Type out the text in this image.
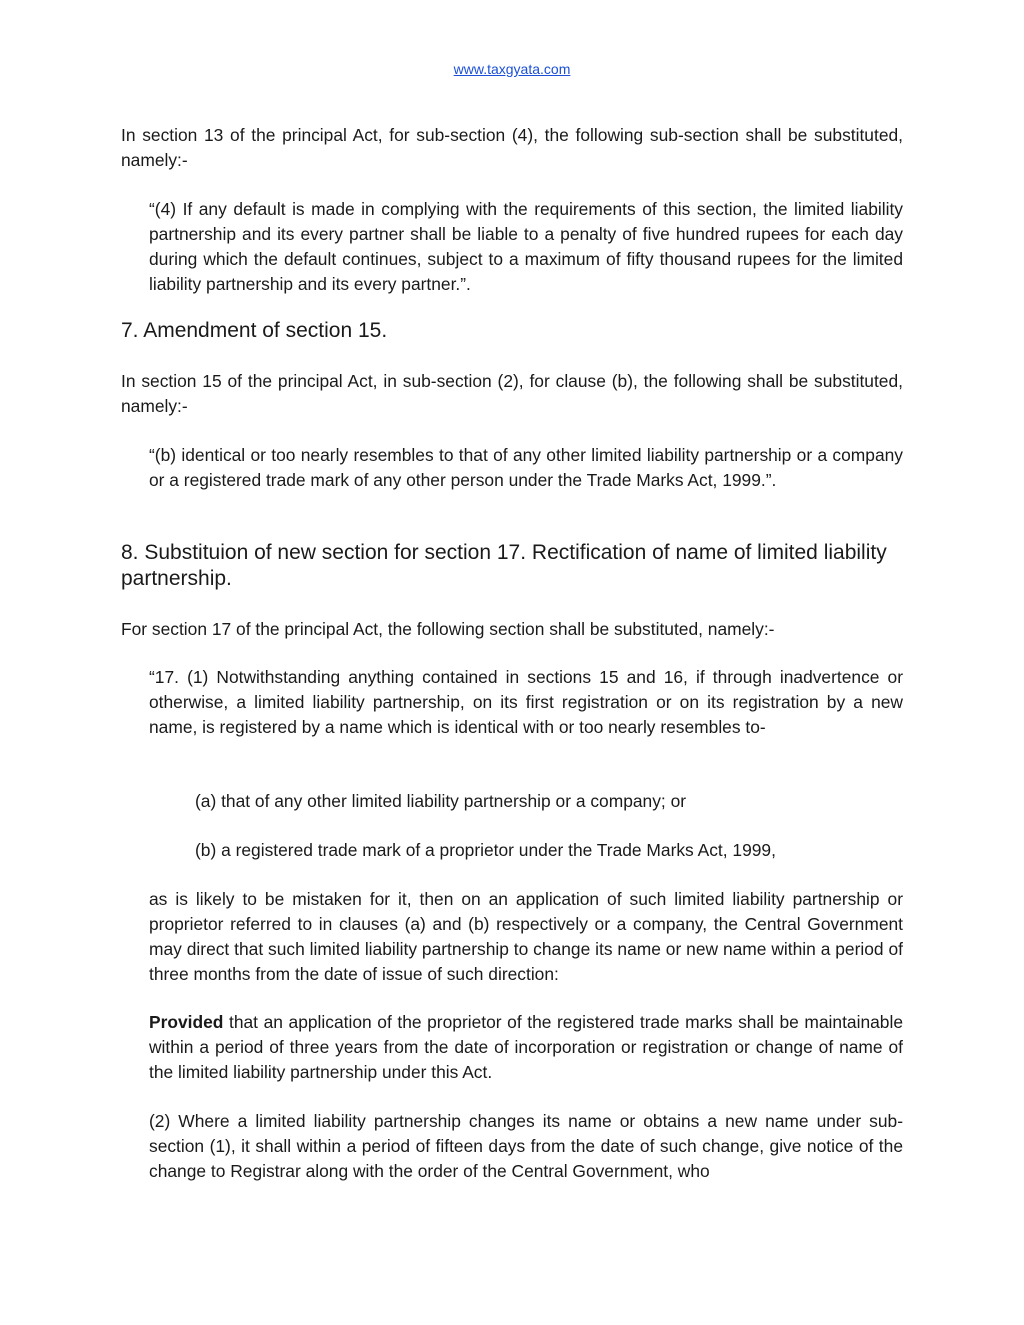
www.taxgyata.com

In section 13 of the principal Act, for sub-section (4), the following sub-section shall be substituted, namely:-

“(4) If any default is made in complying with the requirements of this section, the limited liability partnership and its every partner shall be liable to a penalty of five hundred rupees for each day during which the default continues, subject to a maximum of fifty thousand rupees for the limited liability partnership and its every partner.”.

7. Amendment of section 15.

In section 15 of the principal Act, in sub-section (2), for clause (b), the following shall be substituted, namely:-

“(b) identical or too nearly resembles to that of any other limited liability partnership or a company or a registered trade mark of any other person under the Trade Marks Act, 1999.”.

8. Substituion of new section for section 17. Rectification of name of limited liability partnership.

For section 17 of the principal Act, the following section shall be substituted, namely:-

“17. (1) Notwithstanding anything contained in sections 15 and 16, if through inadvertence or otherwise, a limited liability partnership, on its first registration or on its registration by a new name, is registered by a name which is identical with or too nearly resembles to-

(a) that of any other limited liability partnership or a company; or

(b) a registered trade mark of a proprietor under the Trade Marks Act, 1999,

as is likely to be mistaken for it, then on an application of such limited liability partnership or proprietor referred to in clauses (a) and (b) respectively or a company, the Central Government may direct that such limited liability partnership to change its name or new name within a period of three months from the date of issue of such direction:

Provided that an application of the proprietor of the registered trade marks shall be maintainable within a period of three years from the date of incorporation or registration or change of name of the limited liability partnership under this Act.

(2) Where a limited liability partnership changes its name or obtains a new name under sub-section (1), it shall within a period of fifteen days from the date of such change, give notice of the change to Registrar along with the order of the Central Government, who
